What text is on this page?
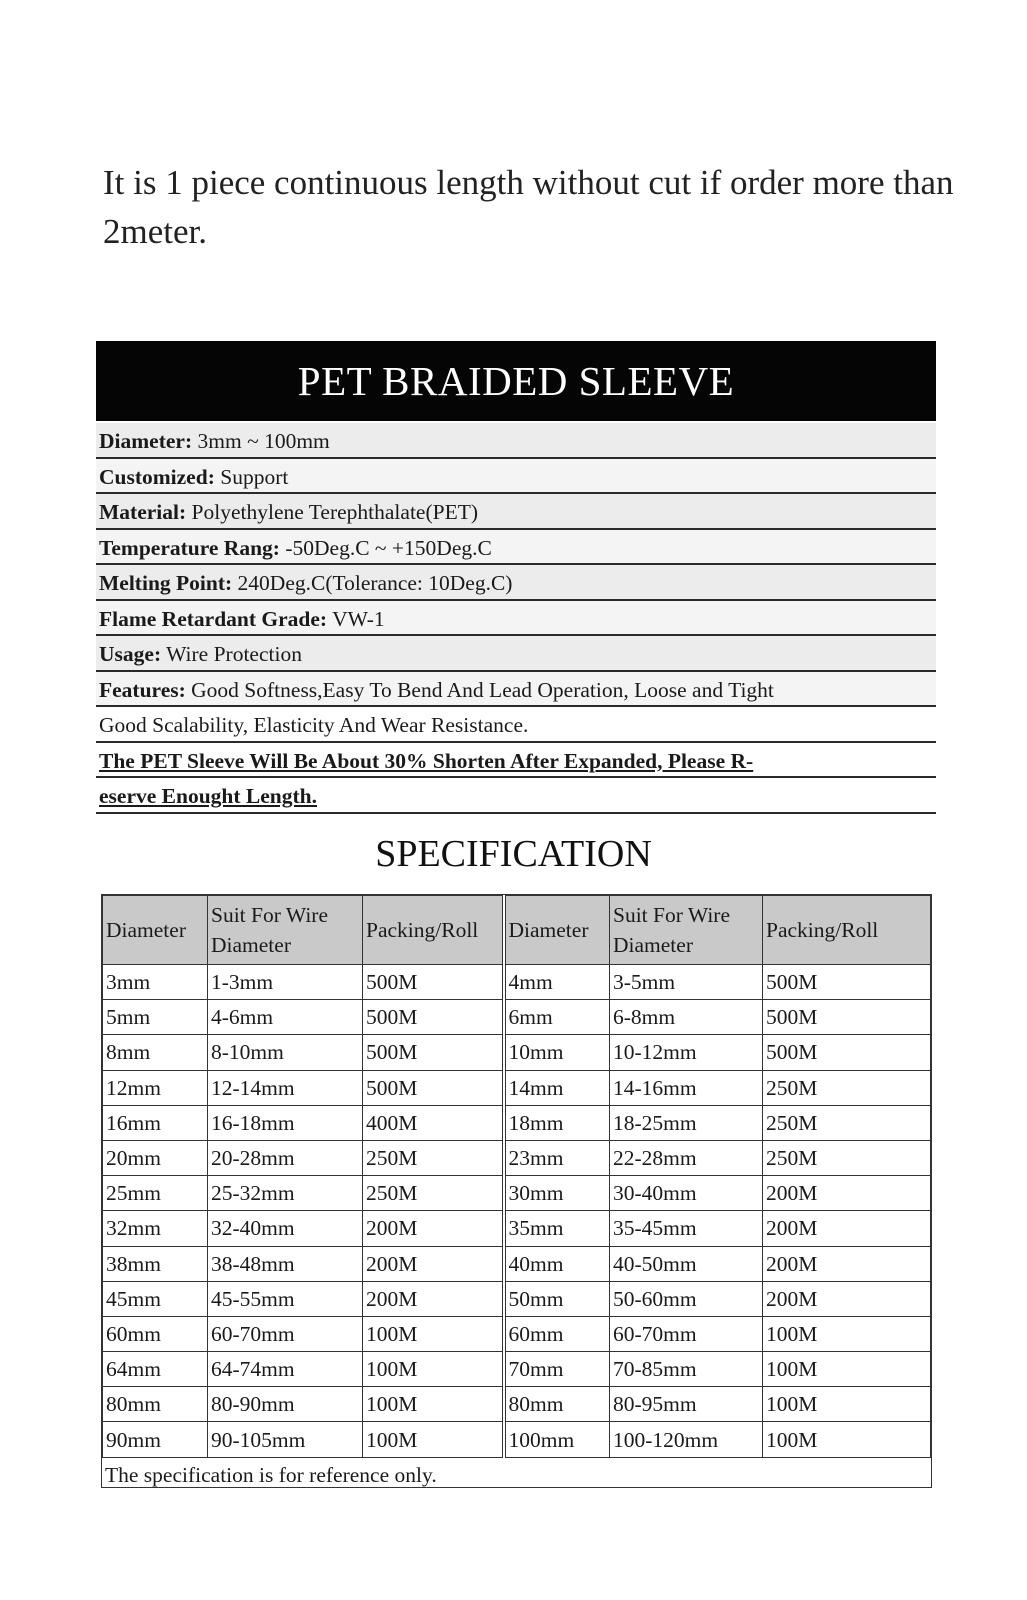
It is 1 piece continuous length without cut if order more than 2meter.
PET BRAIDED SLEEVE
Diameter: 3mm ~ 100mm
Customized: Support
Material: Polyethylene Terephthalate(PET)
Temperature Rang: -50Deg.C ~ +150Deg.C
Melting Point: 240Deg.C(Tolerance: 10Deg.C)
Flame Retardant Grade: VW-1
Usage: Wire Protection
Features: Good Softness,Easy To Bend And Lead Operation, Loose and Tight
Good Scalability, Elasticity And Wear Resistance.
The PET Sleeve Will Be About 30% Shorten After Expanded, Please R-
eserve Enought Length.
SPECIFICATION
Diameter	Suit For Wire Diameter	Packing/Roll	Diameter	Suit For Wire Diameter	Packing/Roll
3mm	1-3mm	500M	4mm	3-5mm	500M
5mm	4-6mm	500M	6mm	6-8mm	500M
8mm	8-10mm	500M	10mm	10-12mm	500M
12mm	12-14mm	500M	14mm	14-16mm	250M
16mm	16-18mm	400M	18mm	18-25mm	250M
20mm	20-28mm	250M	23mm	22-28mm	250M
25mm	25-32mm	250M	30mm	30-40mm	200M
32mm	32-40mm	200M	35mm	35-45mm	200M
38mm	38-48mm	200M	40mm	40-50mm	200M
45mm	45-55mm	200M	50mm	50-60mm	200M
60mm	60-70mm	100M	60mm	60-70mm	100M
64mm	64-74mm	100M	70mm	70-85mm	100M
80mm	80-90mm	100M	80mm	80-95mm	100M
90mm	90-105mm	100M	100mm	100-120mm	100M
The specification is for reference only.
